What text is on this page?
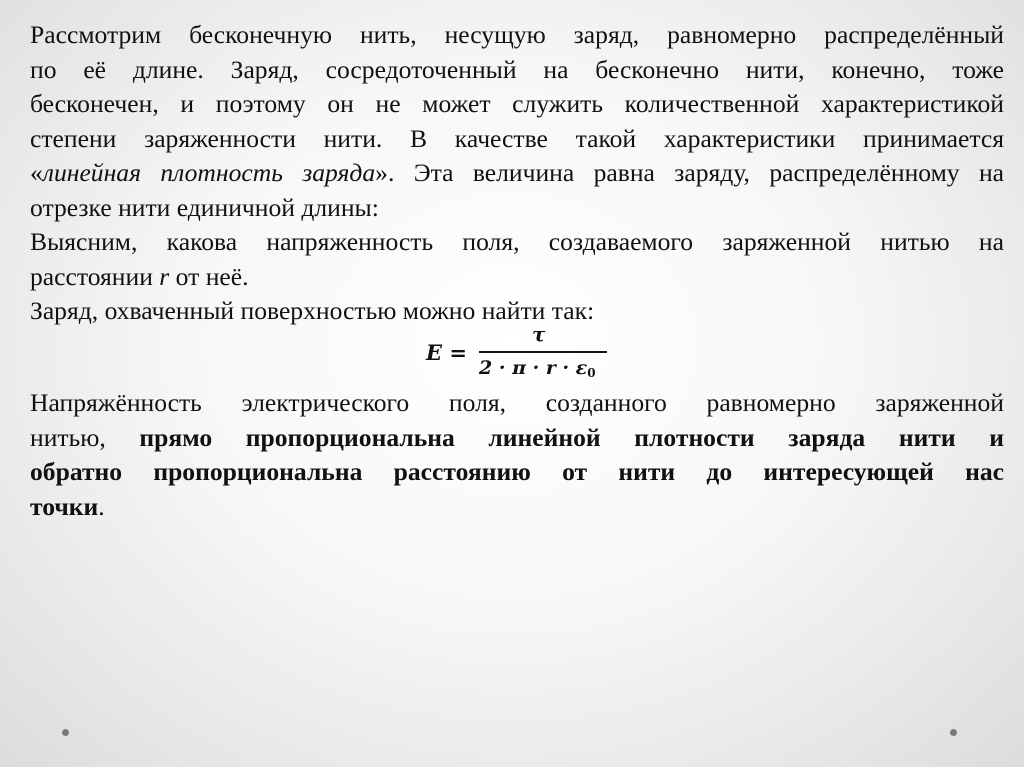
Рассмотрим бесконечную нить, несущую заряд, равномерно распределённый
по её длине. Заряд, сосредоточенный на бесконечно нити, конечно, тоже
бесконечен, и поэтому он не может служить количественной характеристикой
степени заряженности нити. В качестве такой характеристики принимается
«линейная плотность заряда». Эта величина равна заряду, распределённому на
отрезке нити единичной длины:
Выясним, какова напряженность поля, создаваемого заряженной нитью на
расстоянии r от неё.
Заряд, охваченный поверхностью можно найти так:
E =
τ
$2 \cdot \pi \cdot r \cdot \varepsilon_0$
Напряжённость электрического поля, созданного равномерно заряженной
нитью, прямо пропорциональна линейной плотности заряда нити и
обратно пропорциональна расстоянию от нити до интересующей нас
точки.
